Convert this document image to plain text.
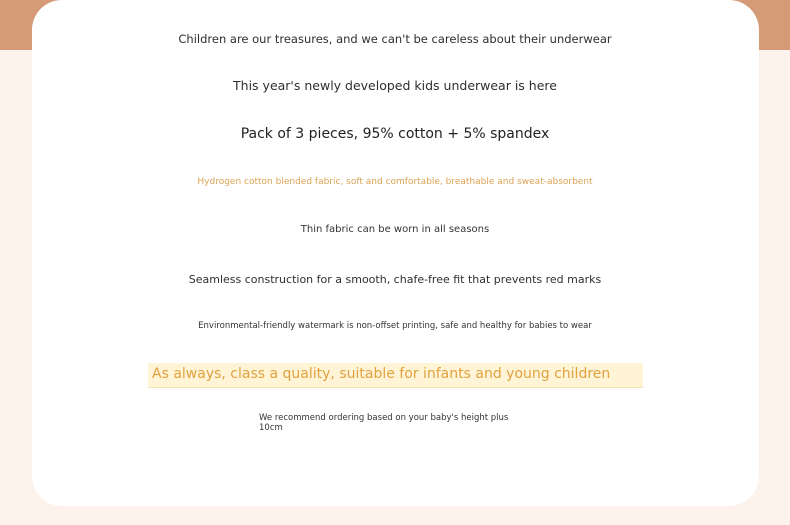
Children are our treasures, and we can't be careless about their underwear
This year's newly developed kids underwear is here
Pack of 3 pieces, 95% cotton + 5% spandex
Hydrogen cotton blended fabric, soft and comfortable, breathable and sweat-absorbent
Thin fabric can be worn in all seasons
Seamless construction for a smooth, chafe-free fit that prevents red marks
Environmental-friendly watermark is non-offset printing, safe and healthy for babies to wear
As always, class a quality, suitable for infants and young children
We recommend ordering based on your baby's height plus 10cm
